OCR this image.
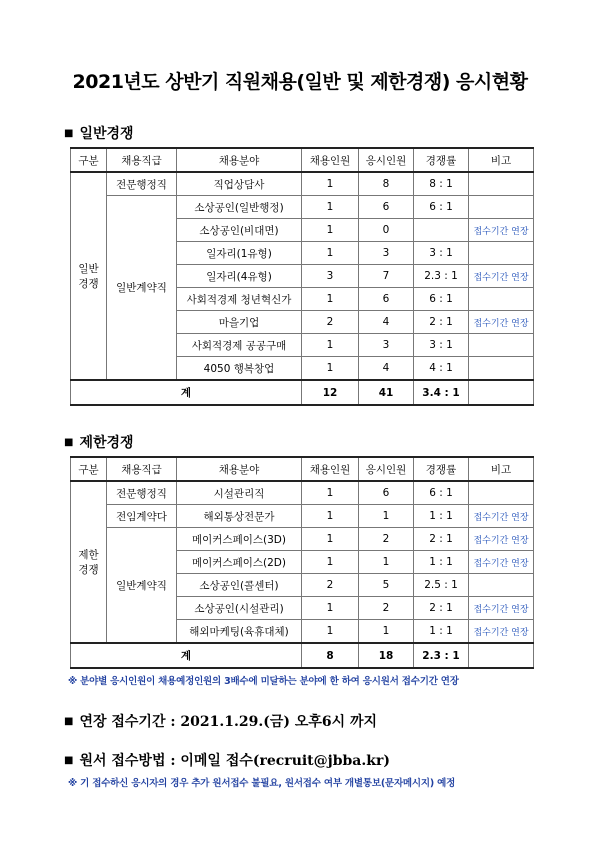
2021년도 상반기 직원채용(일반 및 제한경쟁) 응시현황
■ 일반경쟁
구분	채용직급	채용분야	채용인원	응시인원	경쟁률	비고
일반
경쟁	전문행정직	직업상담사	1	8	8 : 1	
	일반계약직	소상공인(일반행정)	1	6	6 : 1	
		소상공인(비대면)	1	0		접수기간 연장
		일자리(1유형)	1	3	3 : 1	
		일자리(4유형)	3	7	2.3 : 1	접수기간 연장
		사회적경제 청년혁신가	1	6	6 : 1	
		마을기업	2	4	2 : 1	접수기간 연장
		사회적경제 공공구매	1	3	3 : 1	
		4050 행복창업	1	4	4 : 1	
계			12	41	3.4 : 1	
■ 제한경쟁
구분	채용직급	채용분야	채용인원	응시인원	경쟁률	비고
제한
경쟁	전문행정직	시설관리직	1	6	6 : 1	
	전임계약다	해외통상전문가	1	1	1 : 1	접수기간 연장
	일반계약직	메이커스페이스(3D)	1	2	2 : 1	접수기간 연장
		메이커스페이스(2D)	1	1	1 : 1	접수기간 연장
		소상공인(콜센터)	2	5	2.5 : 1	
		소상공인(시설관리)	1	2	2 : 1	접수기간 연장
		해외마케팅(육휴대체)	1	1	1 : 1	접수기간 연장
계			8	18	2.3 : 1	
※ 분야별 응시인원이 채용예정인원의 3배수에 미달하는 분야에 한 하여 응시원서 접수기간 연장
■ 연장 접수기간 : 2021.1.29.(금) 오후6시 까지
■ 원서 접수방법 : 이메일 접수(recruit@jbba.kr)
※ 기 접수하신 응시자의 경우 추가 원서접수 불필요, 원서접수 여부 개별통보(문자메시지) 예정
